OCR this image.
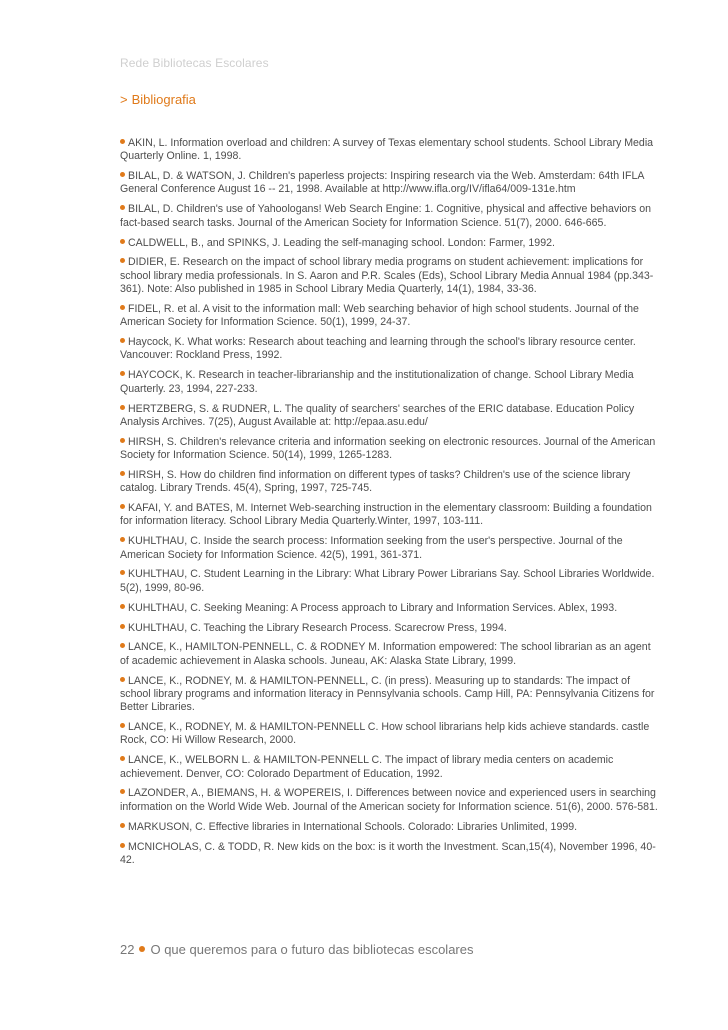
Rede Bibliotecas Escolares
> Bibliografia

AKIN, L. Information overload and children: A survey of Texas elementary school students. School Library Media Quarterly Online. 1, 1998.

BILAL, D. & WATSON, J. Children's paperless projects: Inspiring research via the Web. Amsterdam: 64th IFLA General Conference August 16 -- 21, 1998. Available at http://www.ifla.org/IV/ifla64/009-131e.htm

BILAL, D. Children's use of Yahoologans! Web Search Engine: 1. Cognitive, physical and affective behaviors on fact-based search tasks. Journal of the American Society for Information Science. 51(7), 2000. 646-665.

CALDWELL, B., and SPINKS, J. Leading the self-managing school. London: Farmer, 1992.

DIDIER, E. Research on the impact of school library media programs on student achievement: implications for school library media professionals. In S. Aaron and P.R. Scales (Eds), School Library Media Annual 1984 (pp.343-361). Note: Also published in 1985 in School Library Media Quarterly, 14(1), 1984, 33-36.

FIDEL, R. et al. A visit to the information mall: Web searching behavior of high school students. Journal of the American Society for Information Science. 50(1), 1999, 24-37.

Haycock, K. What works: Research about teaching and learning through the school's library resource center. Vancouver: Rockland Press, 1992.

HAYCOCK, K. Research in teacher-librarianship and the institutionalization of change. School Library Media Quarterly. 23, 1994, 227-233.

HERTZBERG, S. & RUDNER, L. The quality of searchers' searches of the ERIC database. Education Policy Analysis Archives. 7(25), August Available at: http://epaa.asu.edu/

HIRSH, S. Children's relevance criteria and information seeking on electronic resources. Journal of the American Society for Information Science. 50(14), 1999, 1265-1283.

HIRSH, S. How do children find information on different types of tasks? Children's use of the science library catalog. Library Trends. 45(4), Spring, 1997, 725-745.

KAFAI, Y. and BATES, M. Internet Web-searching instruction in the elementary classroom: Building a foundation for information literacy. School Library Media Quarterly.Winter, 1997, 103-111.

KUHLTHAU, C. Inside the search process: Information seeking from the user's perspective. Journal of the American Society for Information Science. 42(5), 1991, 361-371.

KUHLTHAU, C. Student Learning in the Library: What Library Power Librarians Say. School Libraries Worldwide. 5(2), 1999, 80-96.

KUHLTHAU, C. Seeking Meaning: A Process approach to Library and Information Services. Ablex, 1993.

KUHLTHAU, C. Teaching the Library Research Process. Scarecrow Press, 1994.

LANCE, K., HAMILTON-PENNELL, C. & RODNEY M. Information empowered: The school librarian as an agent of academic achievement in Alaska schools. Juneau, AK: Alaska State Library, 1999.

LANCE, K., RODNEY, M. & HAMILTON-PENNELL, C. (in press). Measuring up to standards: The impact of school library programs and information literacy in Pennsylvania schools. Camp Hill, PA: Pennsylvania Citizens for Better Libraries.

LANCE, K., RODNEY, M. & HAMILTON-PENNELL C. How school librarians help kids achieve standards. castle Rock, CO: Hi Willow Research, 2000.

LANCE, K., WELBORN L. & HAMILTON-PENNELL C. The impact of library media centers on academic achievement. Denver, CO: Colorado Department of Education, 1992.

LAZONDER, A., BIEMANS, H. & WOPEREIS, I. Differences between novice and experienced users in searching information on the World Wide Web. Journal of the American society for Information science. 51(6), 2000. 576-581.

MARKUSON, C. Effective libraries in International Schools. Colorado: Libraries Unlimited, 1999.

MCNICHOLAS, C. & TODD, R. New kids on the box: is it worth the Investment. Scan,15(4), November 1996, 40-42.

22 O que queremos para o futuro das bibliotecas escolares
